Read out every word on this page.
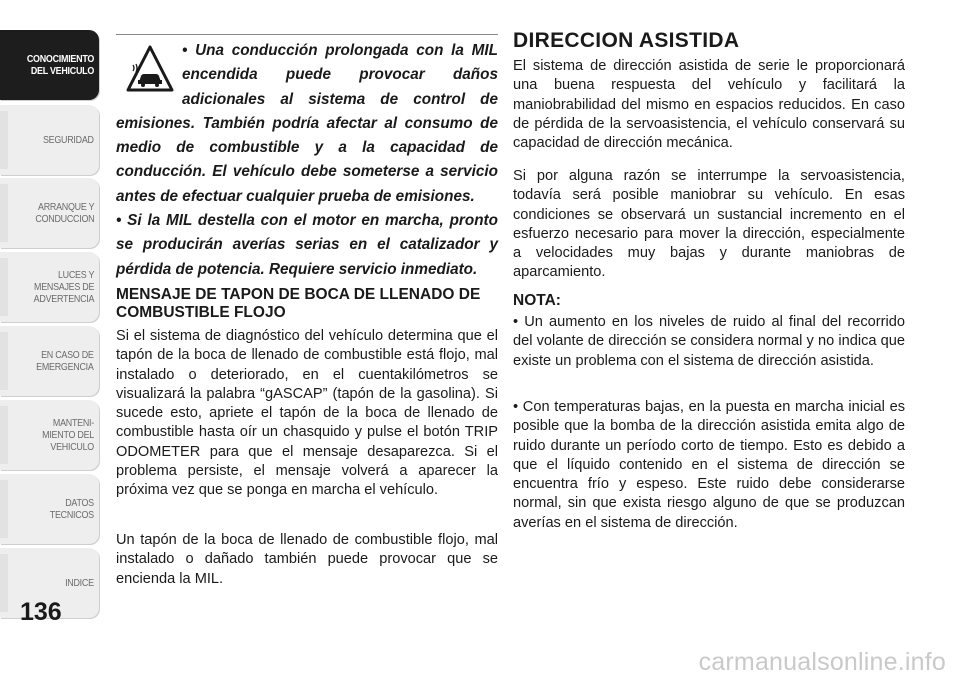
CONOCIMIENTO
DEL VEHICULO
SEGURIDAD
ARRANQUE Y
CONDUCCION
LUCES Y
MENSAJES DE
ADVERTENCIA
EN CASO DE
EMERGENCIA
MANTENI-
MIENTO DEL
VEHICULO
DATOS
TECNICOS
INDICE
136
carmanualsonline.info

• Una conducción prolongada con la MIL encendida puede provocar daños adicionales al sistema de control de emisiones. También podría afectar al consumo de medio de combustible y a la capacidad de conducción. El vehículo debe someterse a servicio antes de efectuar cualquier prueba de emisiones.

• Si la MIL destella con el motor en marcha, pronto se producirán averías serias en el catalizador y pérdida de potencia. Requiere servicio inmediato.

MENSAJE DE TAPON DE BOCA DE LLENADO DE COMBUSTIBLE FLOJO

Si el sistema de diagnóstico del vehículo determina que el tapón de la boca de llenado de combustible está flojo, mal instalado o deteriorado, en el cuentakilómetros se visualizará la palabra “gASCAP” (tapón de la gasolina). Si sucede esto, apriete el tapón de la boca de llenado de combustible hasta oír un chasquido y pulse el botón TRIP ODOMETER para que el mensaje desaparezca. Si el problema persiste, el mensaje volverá a aparecer la próxima vez que se ponga en marcha el vehículo.

Un tapón de la boca de llenado de combustible flojo, mal instalado o dañado también puede provocar que se encienda la MIL.

DIRECCION ASISTIDA

El sistema de dirección asistida de serie le proporcionará una buena respuesta del vehículo y facilitará la maniobrabilidad del mismo en espacios reducidos. En caso de pérdida de la servoasistencia, el vehículo conservará su capacidad de dirección mecánica.

Si por alguna razón se interrumpe la servoasistencia, todavía será posible maniobrar su vehículo. En esas condiciones se observará un sustancial incremento en el esfuerzo necesario para mover la dirección, especialmente a velocidades muy bajas y durante maniobras de aparcamiento.

NOTA:

• Un aumento en los niveles de ruido al final del recorrido del volante de dirección se considera normal y no indica que existe un problema con el sistema de dirección asistida.

• Con temperaturas bajas, en la puesta en marcha inicial es posible que la bomba de la dirección asistida emita algo de ruido durante un período corto de tiempo. Esto es debido a que el líquido contenido en el sistema de dirección se encuentra frío y espeso. Este ruido debe considerarse normal, sin que exista riesgo alguno de que se produzcan averías en el sistema de dirección.
